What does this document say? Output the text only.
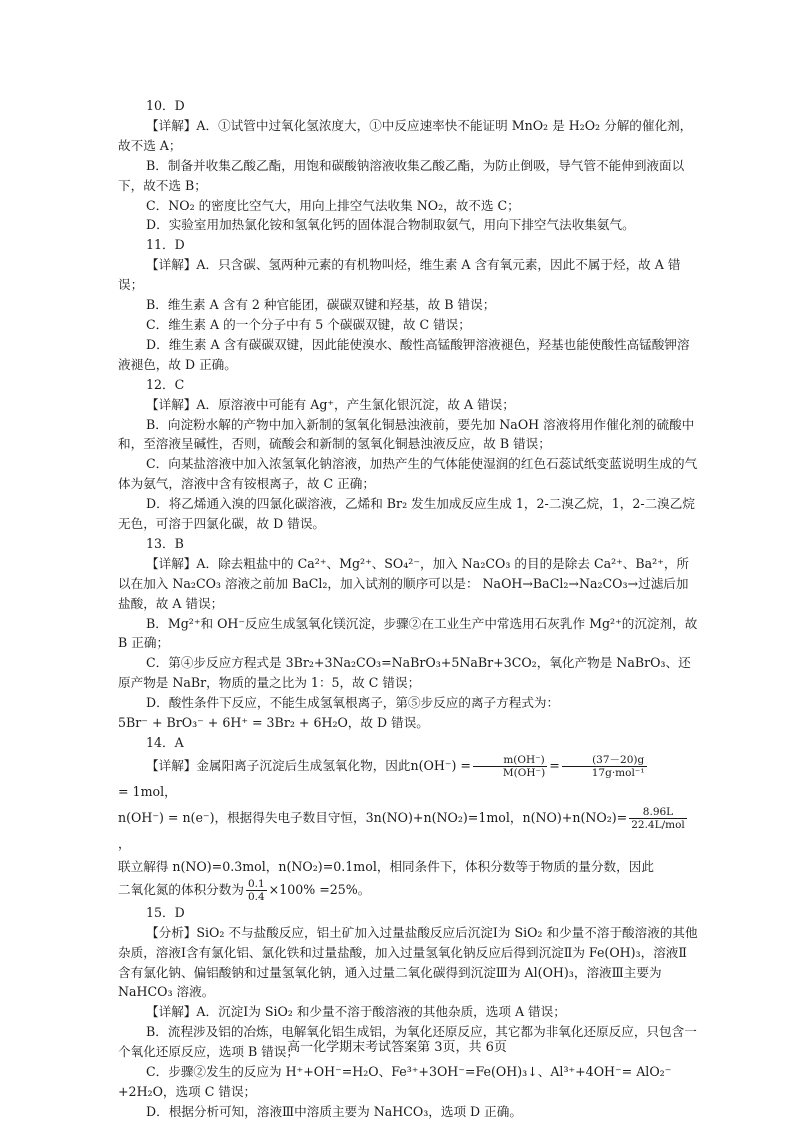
10．D

【详解】A．①试管中过氧化氢浓度大，①中反应速率快不能证明 MnO₂ 是 H₂O₂ 分解的催化剂，故不选 A；

B．制备并收集乙酸乙酯，用饱和碳酸钠溶液收集乙酸乙酯，为防止倒吸，导气管不能伸到液面以下，故不选 B；

C．NO₂ 的密度比空气大，用向上排空气法收集 NO₂，故不选 C；

D．实验室用加热氯化铵和氢氧化钙的固体混合物制取氨气，用向下排空气法收集氨气。

11．D

【详解】A．只含碳、氢两种元素的有机物叫烃，维生素 A 含有氧元素，因此不属于烃，故 A 错误；

B．维生素 A 含有 2 种官能团，碳碳双键和羟基，故 B 错误；

C．维生素 A 的一个分子中有 5 个碳碳双键，故 C 错误；

D．维生素 A 含有碳碳双键，因此能使溴水、酸性高锰酸钾溶液褪色，羟基也能使酸性高锰酸钾溶液褪色，故 D 正确。

12．C

【详解】A．原溶液中可能有 Ag⁺，产生氯化银沉淀，故 A 错误；

B．向淀粉水解的产物中加入新制的氢氧化铜悬浊液前，要先加 NaOH 溶液将用作催化剂的硫酸中和，至溶液呈碱性，否则，硫酸会和新制的氢氧化铜悬浊液反应，故 B 错误；

C．向某盐溶液中加入浓氢氧化钠溶液，加热产生的气体能使湿润的红色石蕊试纸变蓝说明生成的气体为氨气，溶液中含有铵根离子，故 C 正确；

D．将乙烯通入溴的四氯化碳溶液，乙烯和 Br₂ 发生加成反应生成 1，2-二溴乙烷，1，2-二溴乙烷无色，可溶于四氯化碳，故 D 错误。

13．B

【详解】A．除去粗盐中的 Ca²⁺、Mg²⁺、SO₄²⁻，加入 Na₂CO₃ 的目的是除去 Ca²⁺、Ba²⁺，所以在加入 Na₂CO₃ 溶液之前加 BaCl₂，加入试剂的顺序可以是： NaOH→BaCl₂→Na₂CO₃→过滤后加盐酸，故 A 错误；

B．Mg²⁺和 OH⁻反应生成氢氧化镁沉淀，步骤②在工业生产中常选用石灰乳作 Mg²⁺的沉淀剂，故 B 正确；

C．第④步反应方程式是 3Br₂+3Na₂CO₃=NaBrO₃+5NaBr+3CO₂，氧化产物是 NaBrO₃、还原产物是 NaBr，物质的量之比为 1：5，故 C 错误；

D．酸性条件下反应，不能生成氢氧根离子，第⑤步反应的离子方程式为：

5Br⁻ + BrO₃⁻ + 6H⁺ = 3Br₂ + 6H₂O，故 D 错误。

14．A

【详解】金属阳离子沉淀后生成氢氧化物，因此$n(OH^-) = \frac{m(OH^-)}{M(OH^-)} = \frac{(37-20)g}{\text{17g·mol⁻¹}}$
= 1mol，

n(OH⁻) = n(e⁻)，根据得失电子数目守恒，3n(NO)+n(NO₂)=1mol，$n(NO)+n(NO_2)= \frac{8.96L}{\text{22.4L/mol}}$
，

联立解得 n(NO)=0.3mol，n(NO₂)=0.1mol，相同条件下，体积分数等于物质的量分数，因此

二氧化氮的体积分数为 $\frac{0.1}{0.4} \times 100\% =25\%$。

15．D

【分析】SiO₂ 不与盐酸反应，铝土矿加入过量盐酸反应后沉淀Ⅰ为 SiO₂ 和少量不溶于酸溶液的其他杂质，溶液Ⅰ含有氯化铝、氯化铁和过量盐酸，加入过量氢氧化钠反应后得到沉淀Ⅱ为 Fe(OH)₃，溶液Ⅱ含有氯化钠、偏铝酸钠和过量氢氧化钠，通入过量二氧化碳得到沉淀Ⅲ为 Al(OH)₃，溶液Ⅲ主要为 NaHCO₃ 溶液。

【详解】A．沉淀Ⅰ为 SiO₂ 和少量不溶于酸溶液的其他杂质，选项 A 错误；

B．流程涉及铝的冶炼，电解氧化铝生成铝，为氧化还原反应，其它都为非氧化还原反应，只包含一个氧化还原反应，选项 B 错误；

C．步骤②发生的反应为 H⁺+OH⁻=H₂O、Fe³⁺+3OH⁻=Fe(OH)₃↓、Al³⁺+4OH⁻= AlO₂⁻ +2H₂O，选项 C 错误；

D．根据分析可知，溶液Ⅲ中溶质主要为 NaHCO₃，选项 D 正确。

高一化学期末考试答案第 3页，共 6页
